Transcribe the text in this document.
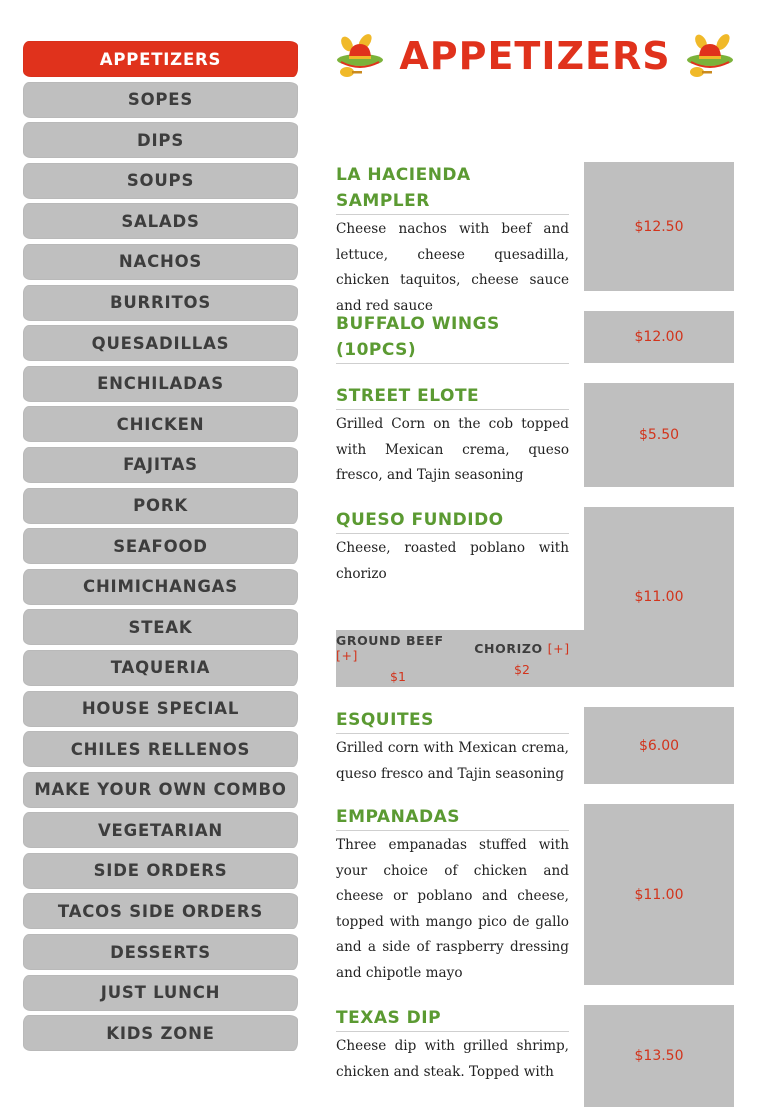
APPETIZERS
SOPES
DIPS
SOUPS
SALADS
NACHOS
BURRITOS
QUESADILLAS
ENCHILADAS
CHICKEN
FAJITAS
PORK
SEAFOOD
CHIMICHANGAS
STEAK
TAQUERIA
HOUSE SPECIAL
CHILES RELLENOS
MAKE YOUR OWN COMBO
VEGETARIAN
SIDE ORDERS
TACOS SIDE ORDERS
DESSERTS
JUST LUNCH
KIDS ZONE
APPETIZERS
LA HACIENDA SAMPLER
Cheese nachos with beef and lettuce, cheese quesadilla, chicken taquitos, cheese sauce and red sauce
$12.50
BUFFALO WINGS (10PCS)
$12.00
STREET ELOTE
Grilled Corn on the cob topped with Mexican crema, queso fresco, and Tajin seasoning
$5.50
QUESO FUNDIDO
Cheese, roasted poblano with chorizo
GROUND BEEF [+]
$1
CHORIZO [+]
$2
$11.00
ESQUITES
Grilled corn with Mexican crema, queso fresco and Tajin seasoning
$6.00
EMPANADAS
Three empanadas stuffed with your choice of chicken and cheese or poblano and cheese, topped with mango pico de gallo and a side of raspberry dressing and chipotle mayo
$11.00
TEXAS DIP
Cheese dip with grilled shrimp, chicken and steak. Topped with
$13.50
